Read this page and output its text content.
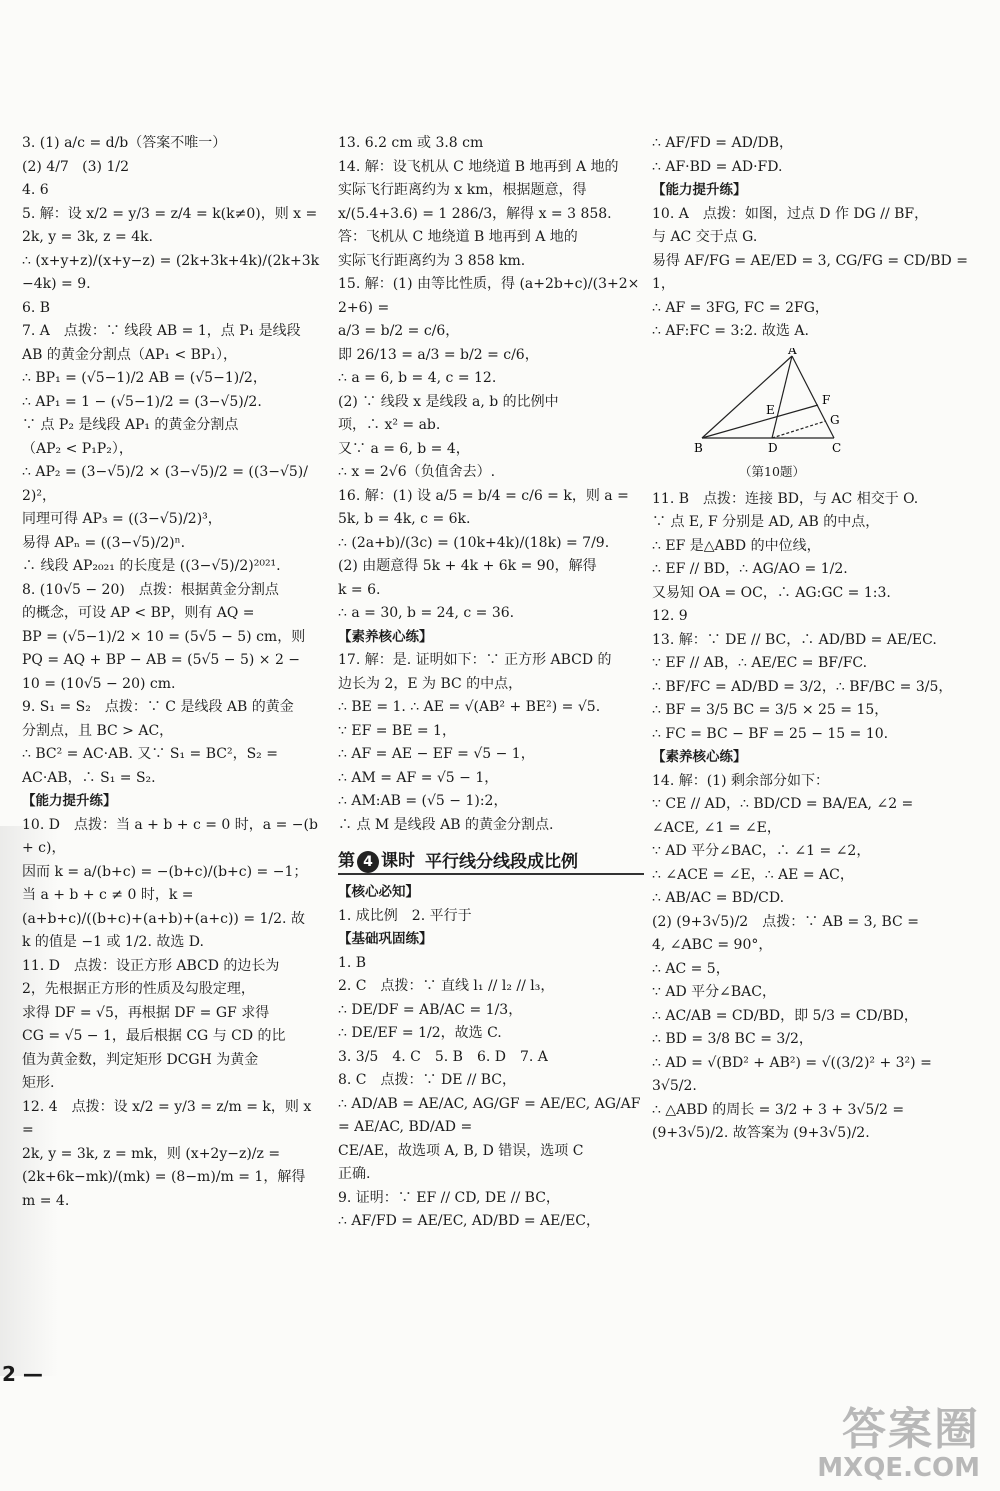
3. (1) a/c = d/b（答案不唯一）

(2) 4/7   (3) 1/2

4. 6

5. 解：设 x/2 = y/3 = z/4 = k(k≠0)，则 x =

2k, y = 3k, z = 4k.

∴ (x+y+z)/(x+y−z) = (2k+3k+4k)/(2k+3k−4k) = 9.

6. B

7. A　点拨：∵ 线段 AB = 1，点 P₁ 是线段

AB 的黄金分割点（AP₁ < BP₁），

∴ BP₁ = (√5−1)/2 AB = (√5−1)/2，

∴ AP₁ = 1 − (√5−1)/2 = (3−√5)/2.

∵ 点 P₂ 是线段 AP₁ 的黄金分割点

（AP₂ < P₁P₂），

∴ AP₂ = (3−√5)/2 × (3−√5)/2 = ((3−√5)/2)²，

同理可得 AP₃ = ((3−√5)/2)³，

易得 APₙ = ((3−√5)/2)ⁿ.

∴ 线段 AP₂₀₂₁ 的长度是 ((3−√5)/2)²⁰²¹.

8. (10√5 − 20)　点拨：根据黄金分割点

的概念，可设 AP < BP，则有 AQ =

BP = (√5−1)/2 × 10 = (5√5 − 5) cm，则

PQ = AQ + BP − AB = (5√5 − 5) × 2 −

10 = (10√5 − 20) cm.

9. S₁ = S₂　点拨：∵ C 是线段 AB 的黄金

分割点，且 BC > AC，

∴ BC² = AC·AB. 又∵ S₁ = BC²，S₂ =

AC·AB，∴ S₁ = S₂.

【能力提升练】

10. D　点拨：当 a + b + c = 0 时，a = −(b + c)，

因而 k = a/(b+c) = −(b+c)/(b+c) = −1；

当 a + b + c ≠ 0 时，k =

(a+b+c)/((b+c)+(a+b)+(a+c)) = 1/2. 故

k 的值是 −1 或 1/2. 故选 D.

11. D　点拨：设正方形 ABCD 的边长为

2，先根据正方形的性质及勾股定理，

求得 DF = √5，再根据 DF = GF 求得

CG = √5 − 1，最后根据 CG 与 CD 的比

值为黄金数，判定矩形 DCGH 为黄金

矩形.

12. 4　点拨：设 x/2 = y/3 = z/m = k，则 x =

2k, y = 3k, z = mk，则 (x+2y−z)/z =

(2k+6k−mk)/(mk) = (8−m)/m = 1，解得 m = 4.

13. 6.2 cm 或 3.8 cm

14. 解：设飞机从 C 地绕道 B 地再到 A 地的

实际飞行距离约为 x km，根据题意，得

x/(5.4+3.6) = 1 286/3，解得 x = 3 858.

答：飞机从 C 地绕道 B 地再到 A 地的

实际飞行距离约为 3 858 km.

15. 解：(1) 由等比性质，得 (a+2b+c)/(3+2×2+6) =

a/3 = b/2 = c/6，

即 26/13 = a/3 = b/2 = c/6，

∴ a = 6, b = 4, c = 12.

(2) ∵ 线段 x 是线段 a, b 的比例中

项，∴ x² = ab.

又∵ a = 6, b = 4，

∴ x = 2√6（负值舍去）.

16. 解：(1) 设 a/5 = b/4 = c/6 = k，则 a =

5k, b = 4k, c = 6k.

∴ (2a+b)/(3c) = (10k+4k)/(18k) = 7/9.

(2) 由题意得 5k + 4k + 6k = 90，解得

k = 6.

∴ a = 30, b = 24, c = 36.

【素养核心练】

17. 解：是. 证明如下：∵ 正方形 ABCD 的

边长为 2，E 为 BC 的中点，

∴ BE = 1. ∴ AE = √(AB² + BE²) = √5.

∵ EF = BE = 1，

∴ AF = AE − EF = √5 − 1，

∴ AM = AF = √5 − 1，

∴ AM:AB = (√5 − 1):2，

∴ 点 M 是线段 AB 的黄金分割点.

第 4 课时 平行线分线段成比例

【核心必知】

1. 成比例　2. 平行于

【基础巩固练】

1. B

2. C　点拨：∵ 直线 l₁ // l₂ // l₃，

∴ DE/DF = AB/AC = 1/3，

∴ DE/EF = 1/2，故选 C.

3. 3/5　4. C　5. B　6. D　7. A

8. C　点拨：∵ DE // BC，

∴ AD/AB = AE/AC, AG/GF = AE/EC, AG/AF = AE/AC, BD/AD =

CE/AE，故选项 A, B, D 错误，选项 C

正确.

9. 证明：∵ EF // CD, DE // BC，

∴ AF/FD = AE/EC, AD/BD = AE/EC，

∴ AF/FD = AD/DB，

∴ AF·BD = AD·FD.

【能力提升练】

10. A　点拨：如图，过点 D 作 DG // BF，

与 AC 交于点 G.

易得 AF/FG = AE/ED = 3, CG/FG = CD/BD = 1，

∴ AF = 3FG, FC = 2FG，

∴ AF:FC = 3:2. 故选 A.

A
B	C
D
E
F
G
（第10题）

11. B　点拨：连接 BD，与 AC 相交于 O.

∵ 点 E, F 分别是 AD, AB 的中点，

∴ EF 是△ABD 的中位线，

∴ EF // BD，∴ AG/AO = 1/2.

又易知 OA = OC，∴ AG:GC = 1:3.

12. 9

13. 解：∵ DE // BC，∴ AD/BD = AE/EC.

∵ EF // AB，∴ AE/EC = BF/FC.

∴ BF/FC = AD/BD = 3/2，∴ BF/BC = 3/5，

∴ BF = 3/5 BC = 3/5 × 25 = 15，

∴ FC = BC − BF = 25 − 15 = 10.

【素养核心练】

14. 解：(1) 剩余部分如下：

∵ CE // AD，∴ BD/CD = BA/EA, ∠2 =

∠ACE, ∠1 = ∠E，

∵ AD 平分∠BAC，∴ ∠1 = ∠2，

∴ ∠ACE = ∠E，∴ AE = AC，

∴ AB/AC = BD/CD.

(2) (9+3√5)/2　点拨：∵ AB = 3, BC =

4, ∠ABC = 90°，

∴ AC = 5，

∵ AD 平分∠BAC，

∴ AC/AB = CD/BD，即 5/3 = CD/BD，

∴ BD = 3/8 BC = 3/2，

∴ AD = √(BD² + AB²) = √((3/2)² + 3²) =

3√5/2.

∴ △ABD 的周长 = 3/2 + 3 + 3√5/2 =

(9+3√5)/2. 故答案为 (9+3√5)/2.

2 —
答案圈
MXQE.COM
